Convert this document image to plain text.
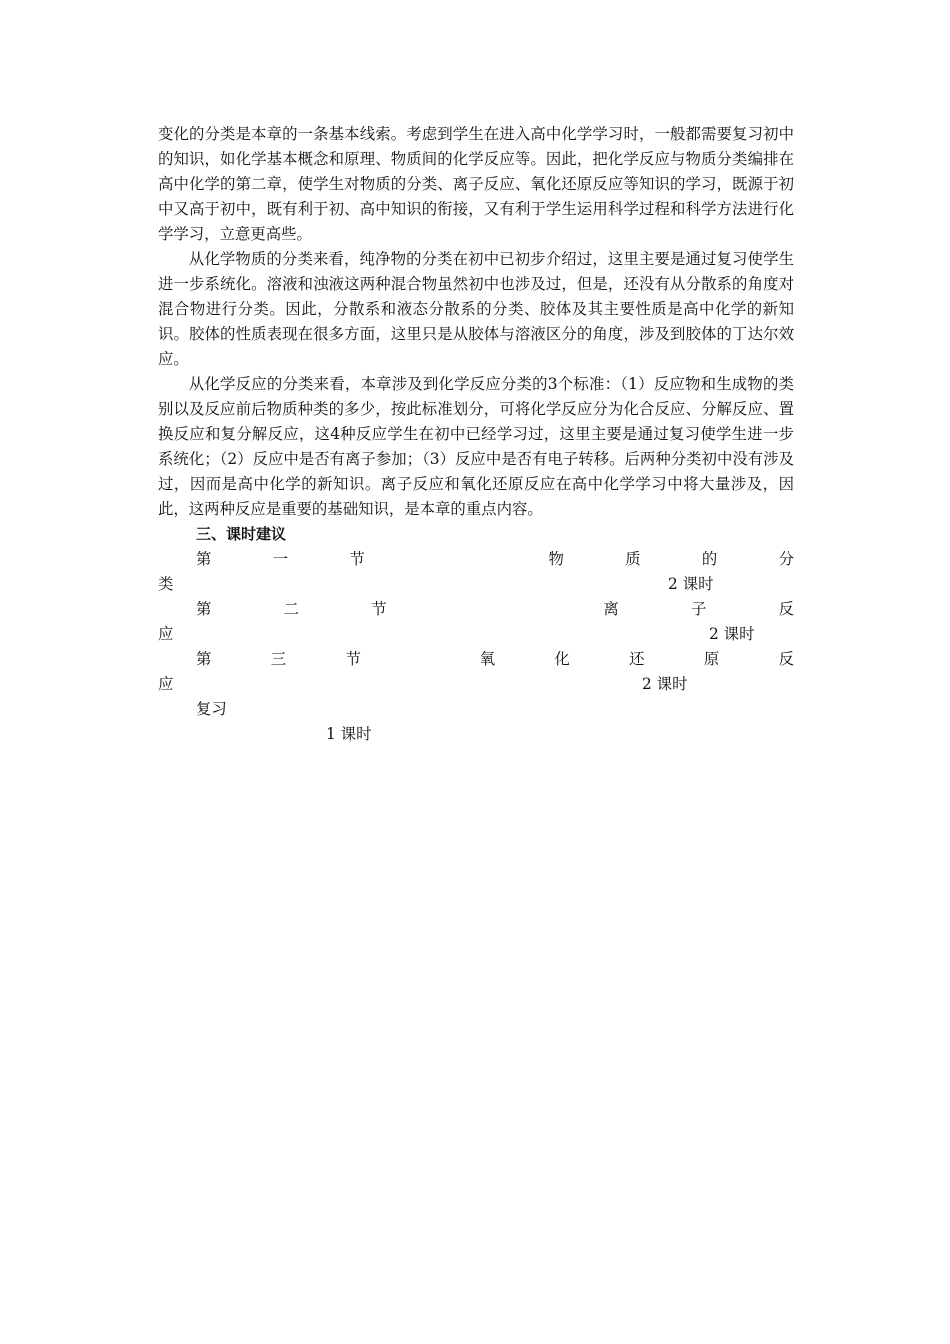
变化的分类是本章的一条基本线索。考虑到学生在进入高中化学学习时，一般都需要复习初中的知识，如化学基本概念和原理、物质间的化学反应等。因此，把化学反应与物质分类编排在高中化学的第二章，使学生对物质的分类、离子反应、氧化还原反应等知识的学习，既源于初中又高于初中，既有利于初、高中知识的衔接，又有利于学生运用科学过程和科学方法进行化学学习，立意更高些。

从化学物质的分类来看，纯净物的分类在初中已初步介绍过，这里主要是通过复习使学生进一步系统化。溶液和浊液这两种混合物虽然初中也涉及过，但是，还没有从分散系的角度对混合物进行分类。因此，分散系和液态分散系的分类、胶体及其主要性质是高中化学的新知识。胶体的性质表现在很多方面，这里只是从胶体与溶液区分的角度，涉及到胶体的丁达尔效应。

从化学反应的分类来看，本章涉及到化学反应分类的3个标准：（1）反应物和生成物的类别以及反应前后物质种类的多少，按此标准划分，可将化学反应分为化合反应、分解反应、置换反应和复分解反应，这4种反应学生在初中已经学习过，这里主要是通过复习使学生进一步系统化；（2）反应中是否有离子参加；（3）反应中是否有电子转移。后两种分类初中没有涉及过，因而是高中化学的新知识。离子反应和氧化还原反应在高中化学学习中将大量涉及，因此，这两种反应是重要的基础知识，是本章的重点内容。

三、课时建议

第	一	节	物	质	的	分
类	2 课时
第	二	节	离	子	反
应	2 课时
第	三	节	氧	化	还	原	反
应	2 课时
复习
1 课时
